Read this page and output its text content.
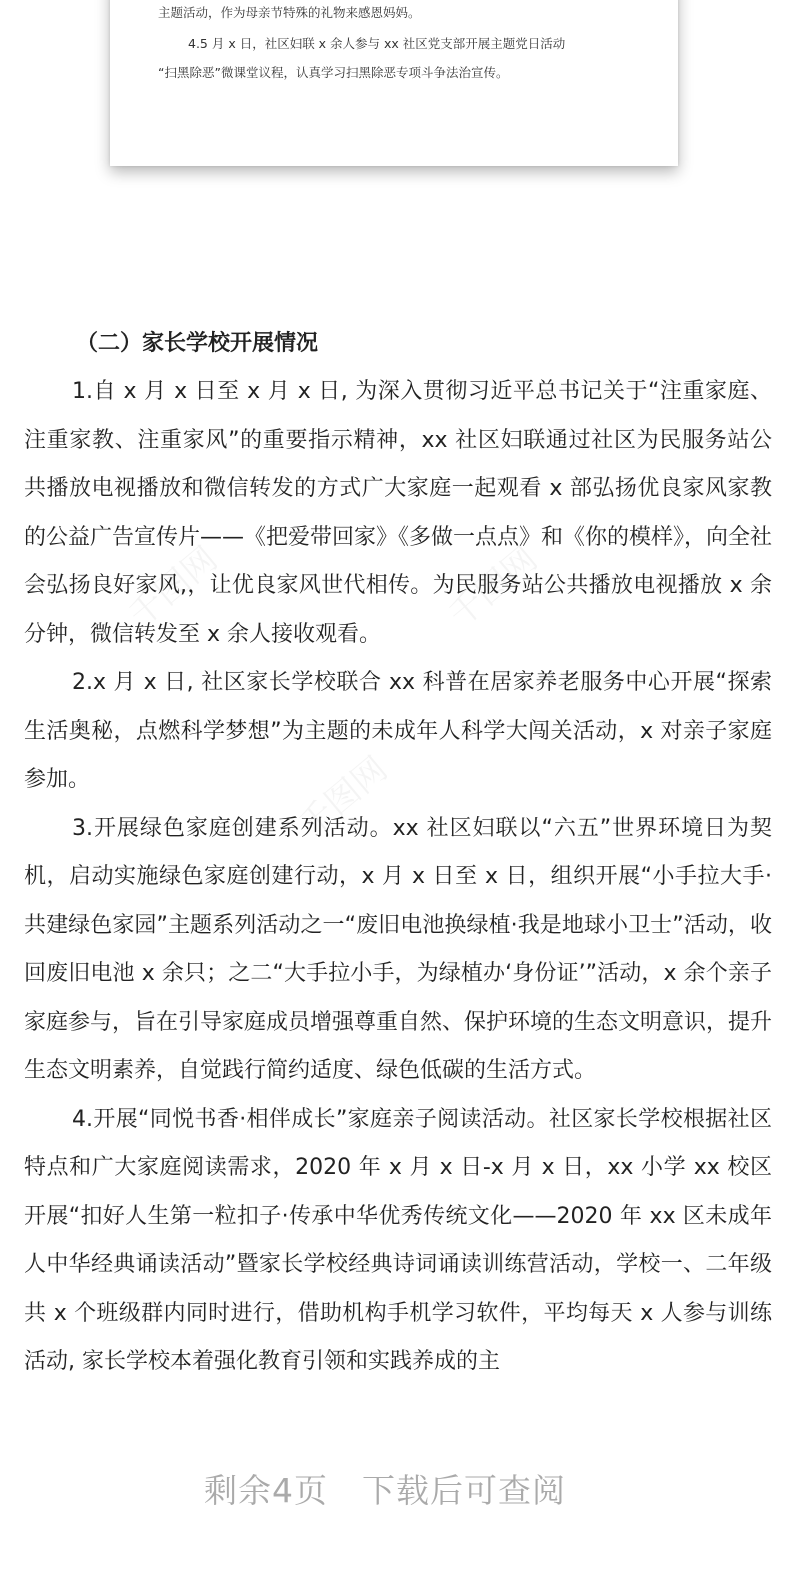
主题活动，作为母亲节特殊的礼物来感恩妈妈。

4.5 月 x 日，社区妇联 x 余人参与 xx 社区党支部开展主题党日活动

“扫黑除恶”微课堂议程，认真学习扫黑除恶专项斗争法治宣传。

（二）家长学校开展情况

1.自 x 月 x 日至 x 月 x 日, 为深入贯彻习近平总书记关于“注重家庭、注重家教、注重家风”的重要指示精神，xx 社区妇联通过社区为民服务站公共播放电视播放和微信转发的方式广大家庭一起观看 x 部弘扬优良家风家教的公益广告宣传片——《把爱带回家》《多做一点点》和《你的模样》，向全社会弘扬良好家风,，让优良家风世代相传。为民服务站公共播放电视播放 x 余分钟，微信转发至 x 余人接收观看。

2.x 月 x 日, 社区家长学校联合 xx 科普在居家养老服务中心开展“探索生活奥秘，点燃科学梦想”为主题的未成年人科学大闯关活动，x 对亲子家庭参加。

3.开展绿色家庭创建系列活动。xx 社区妇联以“六五”世界环境日为契机，启动实施绿色家庭创建行动，x 月 x 日至 x 日，组织开展“小手拉大手·共建绿色家园”主题系列活动之一“废旧电池换绿植·我是地球小卫士”活动，收回废旧电池 x 余只；之二“大手拉小手，为绿植办‘身份证’”活动，x 余个亲子家庭参与，旨在引导家庭成员增强尊重自然、保护环境的生态文明意识，提升生态文明素养，自觉践行简约适度、绿色低碳的生活方式。

4.开展“同悦书香·相伴成长”家庭亲子阅读活动。社区家长学校根据社区特点和广大家庭阅读需求，2020 年 x 月 x 日-x 月 x 日，xx 小学 xx 校区开展“扣好人生第一粒扣子·传承中华优秀传统文化——2020 年 xx 区未成年人中华经典诵读活动”暨家长学校经典诗词诵读训练营活动，学校一、二年级共 x 个班级群内同时进行，借助机构手机学习软件，平均每天 x 人参与训练活动, 家长学校本着强化教育引领和实践养成的主

剩余4页 下载后可查阅
